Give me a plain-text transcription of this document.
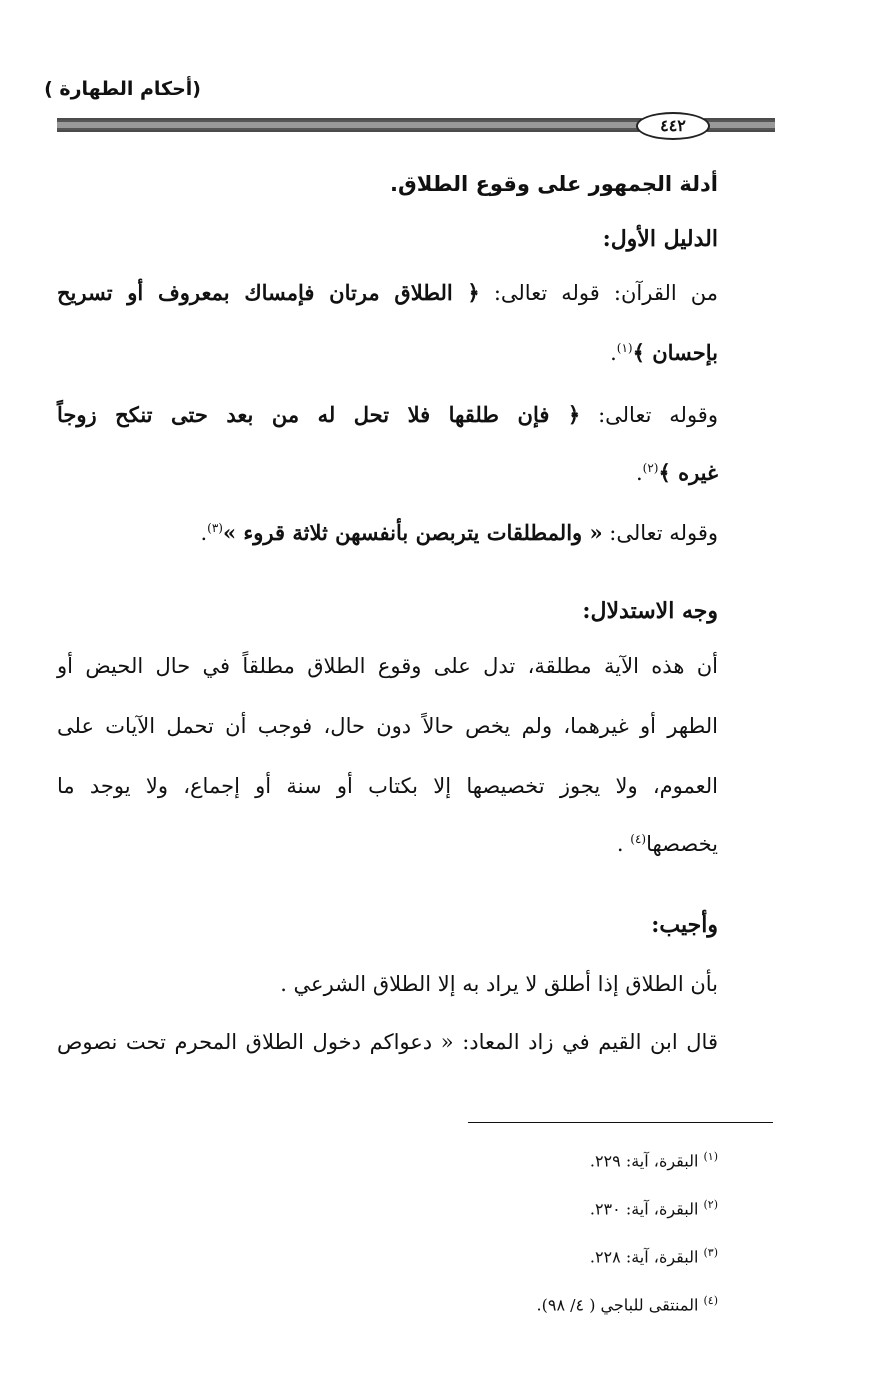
(أحكام الطهارة )
٤٤٢
أدلة الجمهور على وقوع الطلاق.
الدليل الأول:
من القرآن: قوله تعالى: ﴿ الطلاق مرتان فإمساك بمعروف أو تسريح
بإحسان ﴾$^{(١)}$.
وقوله تعالى: ﴿ فإن طلقها فلا تحل له من بعد حتى تنكح زوجاً
غيره ﴾$^{(٢)}$.
وقوله تعالى: « والمطلقات يتربصن بأنفسهن ثلاثة قروء »$^{(٣)}$.
وجه الاستدلال:
أن هذه الآية مطلقة، تدل على وقوع الطلاق مطلقاً في حال الحيض أو
الطهر أو غيرهما، ولم يخص حالاً دون حال، فوجب أن تحمل الآيات على
العموم، ولا يجوز تخصيصها إلا بكتاب أو سنة أو إجماع، ولا يوجد ما
يخصصها$^{(٤)}$ .
وأجيب:
بأن الطلاق إذا أطلق لا يراد به إلا الطلاق الشرعي .
قال ابن القيم في زاد المعاد: « دعواكم دخول الطلاق المحرم تحت نصوص
$^{(١)}$ البقرة، آية: ٢٢٩.
$^{(٢)}$ البقرة، آية: ٢٣٠.
$^{(٣)}$ البقرة، آية: ٢٢٨.
$^{(٤)}$ المنتقى للباجي ( ٤/ ٩٨).
